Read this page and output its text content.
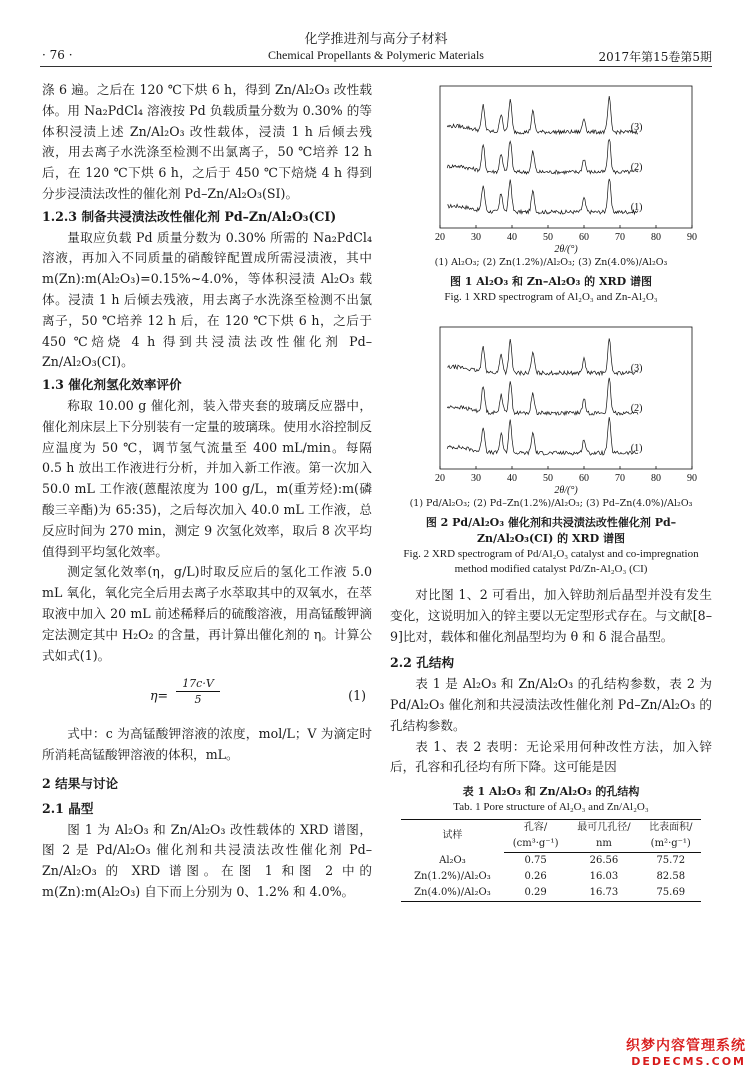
化学推进剂与高分子材料
· 76 ·	Chemical Propellants & Polymeric Materials	2017年第15卷第5期

涤 6 遍。之后在 120 ℃下烘 6 h，得到 Zn/Al₂O₃ 改性载体。用 Na₂PdCl₄ 溶液按 Pd 负载质量分数为 0.30% 的等体积浸渍上述 Zn/Al₂O₃ 改性载体，浸渍 1 h 后倾去残液，用去离子水洗涤至检测不出氯离子，50 ℃培养 12 h 后，在 120 ℃下烘 6 h，之后于 450 ℃下焙烧 4 h 得到分步浸渍法改性的催化剂 Pd–Zn/Al₂O₃(SI)。

1.2.3 制备共浸渍法改性催化剂 Pd–Zn/Al₂O₃(CI)

量取应负载 Pd 质量分数为 0.30% 所需的 Na₂PdCl₄ 溶液，再加入不同质量的硝酸锌配置成所需浸渍液，其中 m(Zn):m(Al₂O₃)=0.15%~4.0%，等体积浸渍 Al₂O₃ 载体。浸渍 1 h 后倾去残液，用去离子水洗涤至检测不出氯离子，50 ℃培养 12 h 后，在 120 ℃下烘 6 h，之后于 450 ℃焙烧 4 h 得到共浸渍法改性催化剂 Pd–Zn/Al₂O₃(CI)。

1.3 催化剂氢化效率评价

称取 10.00 g 催化剂，装入带夹套的玻璃反应器中，催化剂床层上下分别装有一定量的玻璃珠。使用水浴控制反应温度为 50 ℃，调节氢气流量至 400 mL/min。每隔 0.5 h 放出工作液进行分析，并加入新工作液。第一次加入 50.0 mL 工作液(蒽醌浓度为 100 g/L，m(重芳烃):m(磷酸三辛酯)为 65:35)，之后每次加入 40.0 mL 工作液，总反应时间为 270 min，测定 9 次氢化效率，取后 8 次平均值得到平均氢化效率。

测定氢化效率(η，g/L)时取反应后的氢化工作液 5.0 mL 氧化，氧化完全后用去离子水萃取其中的双氧水，在萃取液中加入 20 mL 前述稀释后的硫酸溶液，用高锰酸钾滴定法测定其中 H₂O₂ 的含量，再计算出催化剂的 η。计算公式如式(1)。

$\eta= \frac{17c\cdot V}{5}$	(1)

式中：c 为高锰酸钾溶液的浓度，mol/L；V 为滴定时所消耗高锰酸钾溶液的体积，mL。

2 结果与讨论

2.1 晶型

图 1 为 Al₂O₃ 和 Zn/Al₂O₃ 改性载体的 XRD 谱图，图 2 是 Pd/Al₂O₃ 催化剂和共浸渍法改性催化剂 Pd–Zn/Al₂O₃ 的 XRD 谱图。在图 1 和图 2 中的 m(Zn):m(Al₂O₃) 自下而上分别为 0、1.2% 和 4.0%。

20	30	40	50	60	70	80	90
2θ/(°)
(1)
(2)
(3)
(1) Al₂O₃; (2) Zn(1.2%)/Al₂O₃; (3) Zn(4.0%)/Al₂O₃
图 1 Al₂O₃ 和 Zn–Al₂O₃ 的 XRD 谱图
Fig. 1 XRD spectrogram of Al₂O₃ and Zn-Al₂O₃
20	30	40	50	60	70	80	90
2θ/(°)
(1)
(2)
(3)
(1) Pd/Al₂O₃; (2) Pd–Zn(1.2%)/Al₂O₃; (3) Pd–Zn(4.0%)/Al₂O₃
图 2 Pd/Al₂O₃ 催化剂和共浸渍法改性催化剂 Pd–Zn/Al₂O₃(CI) 的 XRD 谱图
Fig. 2 XRD spectrogram of Pd/Al₂O₃ catalyst and co-impregnation method modified catalyst Pd/Zn-Al₂O₃ (CI)

对比图 1、2 可看出，加入锌助剂后晶型并没有发生变化，这说明加入的锌主要以无定型形式存在。与文献[8–9]比对，载体和催化剂晶型均为 θ 和 δ 混合晶型。

2.2 孔结构

表 1 是 Al₂O₃ 和 Zn/Al₂O₃ 的孔结构参数，表 2 为 Pd/Al₂O₃ 催化剂和共浸渍法改性催化剂 Pd–Zn/Al₂O₃ 的孔结构参数。

表 1、表 2 表明：无论采用何种改性方法，加入锌后，孔容和孔径均有所下降。这可能是因

表 1 Al₂O₃ 和 Zn/Al₂O₃ 的孔结构
Tab. 1 Pore structure of Al₂O₃ and Zn/Al₂O₃
试样	孔容/	最可几孔径/	比表面积/
	(cm³·g⁻¹)	nm	(m²·g⁻¹)
Al₂O₃	0.75	26.56	75.72
Zn(1.2%)/Al₂O₃	0.26	16.03	82.58
Zn(4.0%)/Al₂O₃	0.29	16.73	75.69
织梦内容管理系统
DEDECMS.COM
